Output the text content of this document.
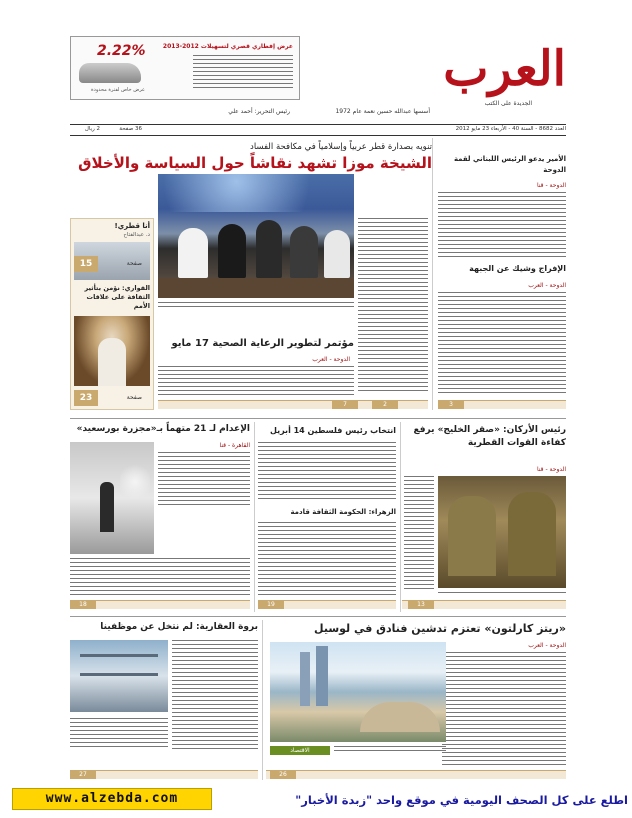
العرب
الجديدة على الكتب
2.22%
عرض خاص لفترة محدودة
عرض إفطاري قصري لتسهيلات 2012-2013
أسسها عبدالله حسين نعمة عام 1972
رئيس التحرير: أحمد علي
العدد 8682 - السنة 40 - الأربعاء 23 مايو 2012
36 صفحة
2 ريال
تنويه بصدارة قطر عربياً وإسلامياً في مكافحة الفساد
الشيخة موزا تشهد نقاشاً حول السياسة والأخلاق	الأمير يدعو الرئيس اللبناني لقمة الدوحة
الدوحة - قنا
الإفراج وشيك عن الجبهة
الدوحة - العرب
3
مؤتمر لتطوير الرعاية الصحية 17 مايو
الدوحة - العرب
2
7
أنا قطري!
د. عبدالفتاح
15	صفحة
القواري: نؤمن بتأثير الثقافة على علاقات الأمم
23	صفحة
رئيس الأركان: «صقر الخليج» يرفع كفاءة القوات القطرية
الدوحة - قنا
13
انتخاب رئيس فلسطين 14 أبريل
الزهراء: الحكومة الثقافة قادمة
19
الإعدام لـ 21 متهماً بـ«مجزرة بورسعيد»
القاهرة - قنا
18
«ريتز كارلتون» تعتزم تدشين فنادق في لوسيل
الدوحة - العرب
الاقتصاد
26
بروة العقارية: لم نتخل عن موظفينا
27
اطلع على كل الصحف اليومية في موقع واحد "زبدة الأخبار"
www.alzebda.com
